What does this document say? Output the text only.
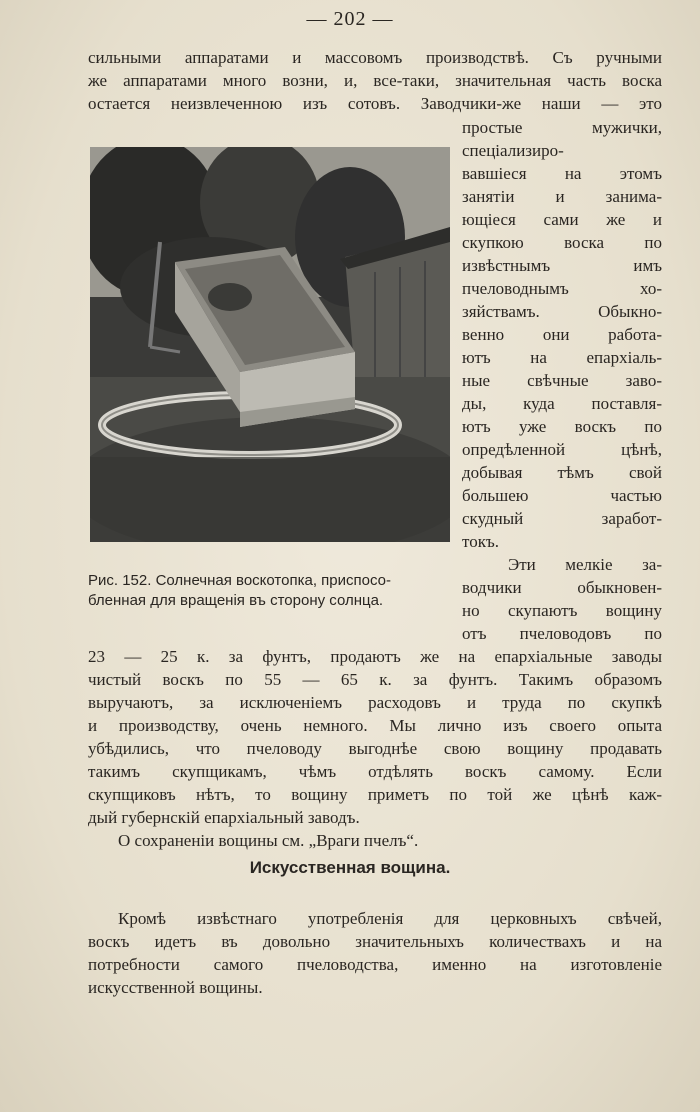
— 202 —
сильными аппаратами и массовомъ производствѣ. Съ ручными
же аппаратами много возни, и, все-таки, значительная часть воска
остается неизвлеченною изъ сотовъ. Заводчики-же наши — это
простые мужички,
спеціализиро-
вавшiеся на этомъ
занятiи и занима-
ющiеся сами же и
скупкою воска по
извѣстнымъ имъ
пчеловоднымъ хо-
зяйствамъ. Обыкно-
венно они работа-
ютъ на епархiаль-
ные свѣчные заво-
ды, куда поставля-
ютъ уже воскъ по
опредѣленной цѣнѣ,
добывая тѣмъ свой
большею частью
скудный заработ-
токъ.
Эти мелкiе за-
водчики обыкновен-
но скупаютъ вощину
отъ пчеловодовъ по
Рис. 152. Солнечная воскотопка, приспосо-
бленная для вращенiя въ сторону солнца.
23 — 25 к. за фунтъ, продаютъ же на епархiальные заводы
чистый воскъ по 55 — 65 к. за фунтъ. Такимъ образомъ
выручаютъ, за исключенiемъ расходовъ и труда по скупкѣ
и производству, очень немного. Мы лично изъ своего опыта
убѣдились, что пчеловоду выгоднѣе свою вощину продавать
такимъ скупщикамъ, чѣмъ отдѣлять воскъ самому. Если
скупщиковъ нѣтъ, то вощину приметъ по той же цѣнѣ каж-
дый губернскiй епархiальный заводъ.
О сохраненiи вощины см. „Враги пчелъ“.
Искусственная вощина.
Кромѣ извѣстнаго употребленiя для церковныхъ свѣчей,
воскъ идетъ въ довольно значительныхъ количествахъ и на
потребности самого пчеловодства, именно на изготовленiе
искусственной вощины.
